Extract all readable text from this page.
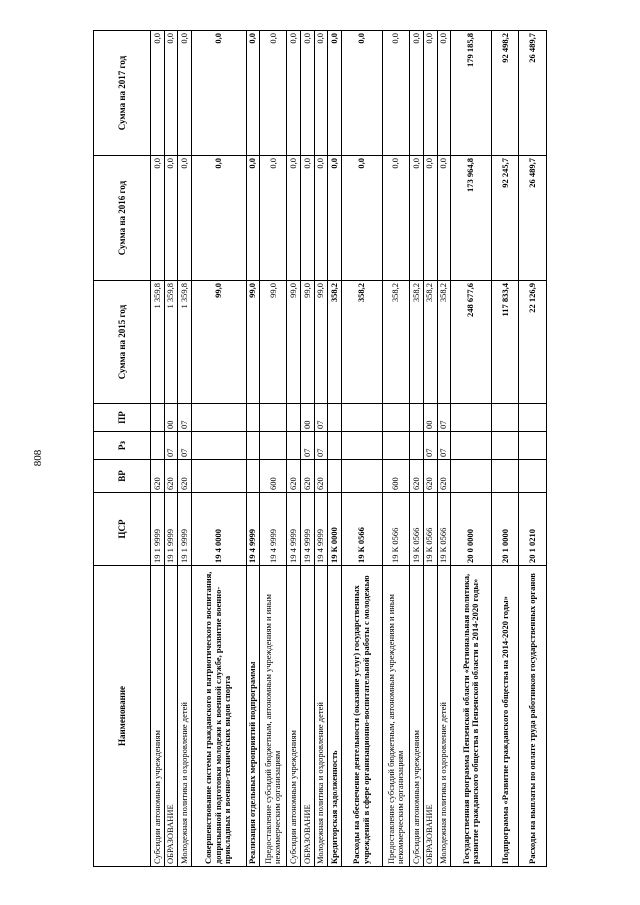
808
Наименование	ЦСР	ВР	Рз	ПР	Сумма на 2015 год	Сумма на 2016 год	Сумма на 2017 год
Субсидии автономным учреждениям	19 1 9999	620			1 359,8	0,0	0,0
ОБРАЗОВАНИЕ	19 1 9999	620	07	00	1 359,8	0,0	0,0
Молодежная политика и оздоровление детей	19 1 9999	620	07	07	1 359,8	0,0	0,0
Совершенствование системы гражданского и патриотического воспитания, допризывной подготовки молодежи к военной службе, развитие военно-прикладных и военно-технических видов спорта	19 4 0000				99,0	0,0	0,0
Реализация отдельных мероприятий подпрограммы	19 4 9999				99,0	0,0	0,0
Предоставление субсидий бюджетным, автономным учреждениям и иным некоммерческим организациям	19 4 9999	600			99,0	0,0	0,0
Субсидии автономным учреждениям	19 4 9999	620			99,0	0,0	0,0
ОБРАЗОВАНИЕ	19 4 9999	620	07	00	99,0	0,0	0,0
Молодежная политика и оздоровление детей	19 4 9999	620	07	07	99,0	0,0	0,0
Кредиторская задолженность	19 К 0000				358,2	0,0	0,0
Расходы на обеспечение деятельности (оказание услуг) государственных учреждений в сфере организационно-воспитательной работы с молодежью	19 К 0566				358,2	0,0	0,0
Предоставление субсидий бюджетным, автономным учреждениям и иным некоммерческим организациям	19 К 0566	600			358,2	0,0	0,0
Субсидии автономным учреждениям	19 К 0566	620			358,2	0,0	0,0
ОБРАЗОВАНИЕ	19 К 0566	620	07	00	358,2	0,0	0,0
Молодежная политика и оздоровление детей	19 К 0566	620	07	07	358,2	0,0	0,0
Государственная программа Пензенской области «Региональная политика, развитие гражданского общества в Пензенской области в 2014-2020 годы»	20 0 0000				248 677,6	173 964,8	179 185,8
Подпрограмма «Развитие гражданского общества на 2014-2020 годы»	20 1 0000				117 833,4	92 245,7	92 498,2
Расходы на выплаты по оплате труда работников государственных органов	20 1 0210				22 126,9	26 489,7	26 489,7
